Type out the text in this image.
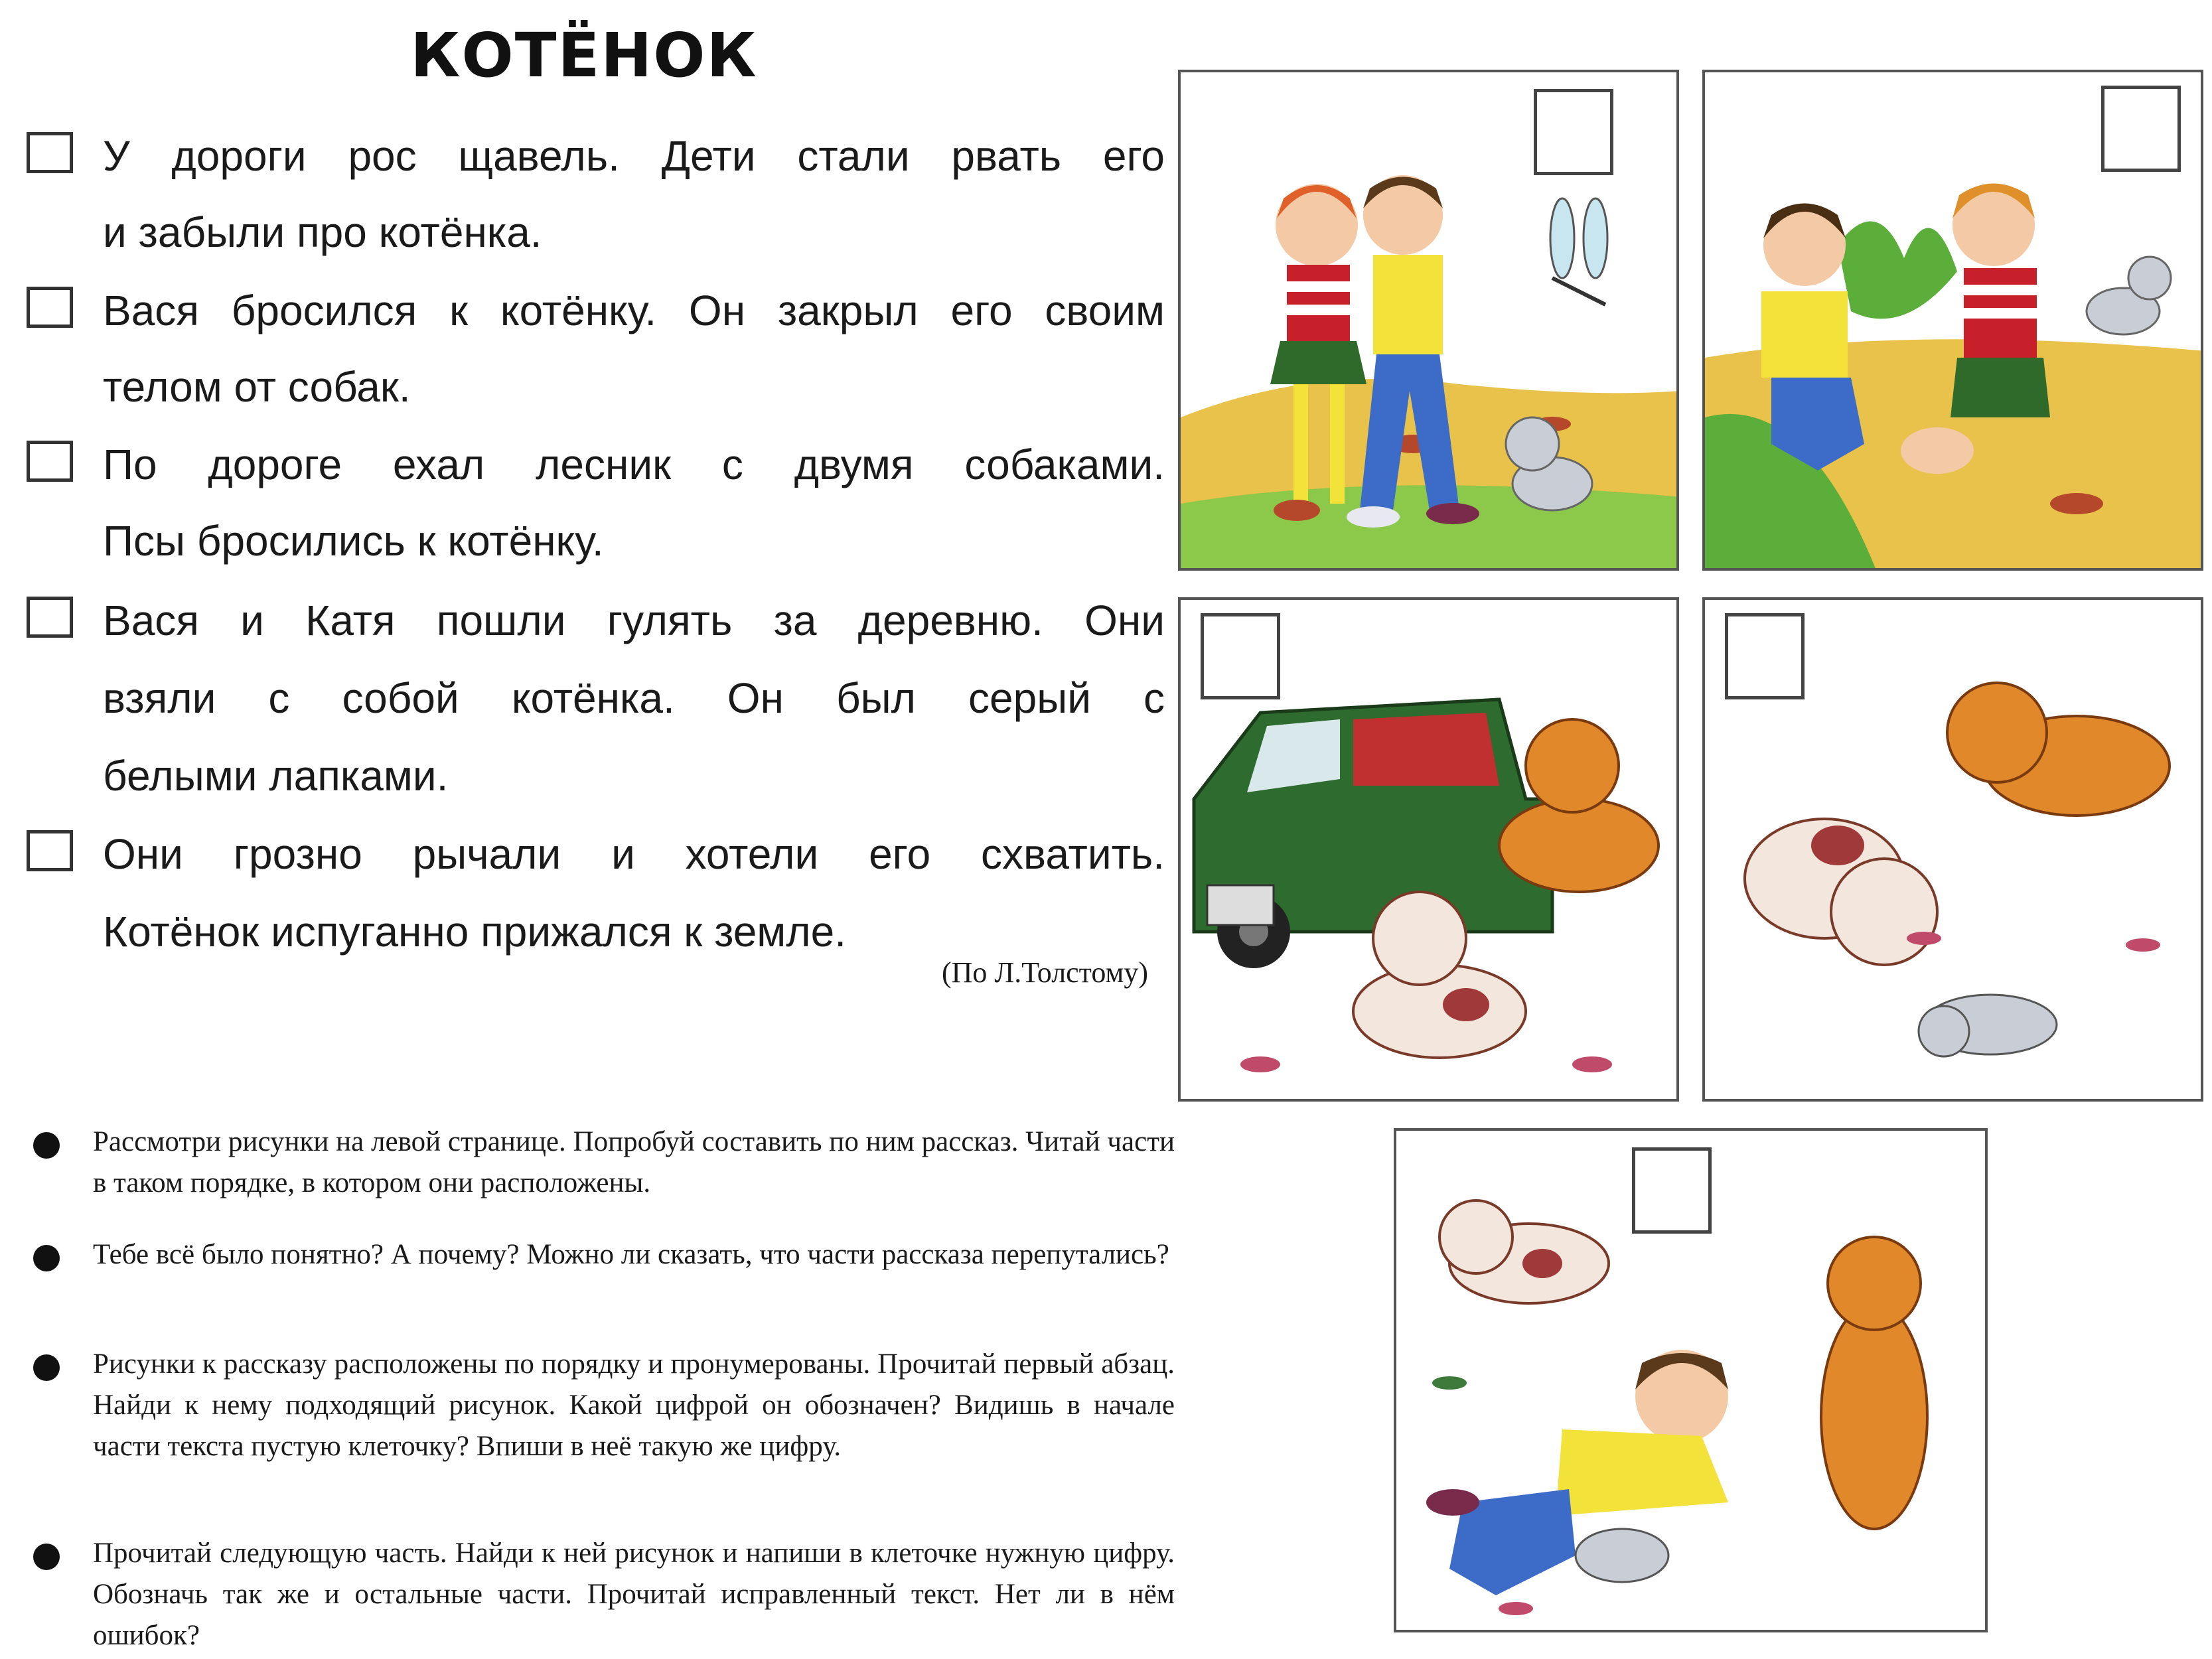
КОТЁНОК
У дороги рос щавель. Дети стали рвать его
и забыли про котёнка.
Вася бросился к котёнку. Он закрыл его своим
телом от собак.
По дороге ехал лесник с двумя собаками.
Псы бросились к котёнку.
Вася и Катя пошли гулять за деревню. Они
взяли с собой котёнка. Он был серый с
белыми лапками.
Они грозно рычали и хотели его схватить.
Котёнок испуганно прижался к земле.
(По Л.Толстому)
Рассмотри рисунки на левой странице. Попробуй составить по ним рассказ. Читай части в таком порядке, в котором они расположены.
Тебе всё было понятно? А почему? Можно ли сказать, что части рассказа перепутались?
Рисунки к рассказу расположены по порядку и пронумерованы. Прочитай первый абзац. Найди к нему подходящий рисунок. Какой цифрой он обозначен? Видишь в начале части текста пустую клеточку? Впиши в неё такую же цифру.
Прочитай следующую часть. Найди к ней рисунок и напиши в клеточке нужную цифру. Обозначь так же и остальные части. Прочитай исправленный текст. Нет ли в нём ошибок?
